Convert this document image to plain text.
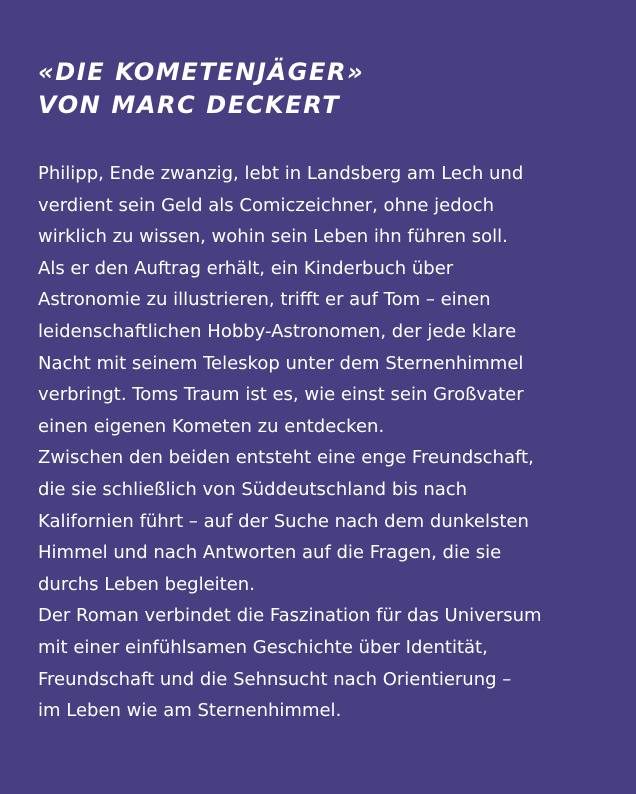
«DIE KOMETENJÄGER»
VON MARC DECKERT

Philipp, Ende zwanzig, lebt in Landsberg am Lech und
verdient sein Geld als Comiczeichner, ohne jedoch
wirklich zu wissen, wohin sein Leben ihn führen soll.
Als er den Auftrag erhält, ein Kinderbuch über
Astronomie zu illustrieren, trifft er auf Tom – einen
leidenschaftlichen Hobby-Astronomen, der jede klare
Nacht mit seinem Teleskop unter dem Sternenhimmel
verbringt. Toms Traum ist es, wie einst sein Großvater
einen eigenen Kometen zu entdecken.

Zwischen den beiden entsteht eine enge Freundschaft,
die sie schließlich von Süddeutschland bis nach
Kalifornien führt – auf der Suche nach dem dunkelsten
Himmel und nach Antworten auf die Fragen, die sie
durchs Leben begleiten.

Der Roman verbindet die Faszination für das Universum
mit einer einfühlsamen Geschichte über Identität,
Freundschaft und die Sehnsucht nach Orientierung –
im Leben wie am Sternenhimmel.
